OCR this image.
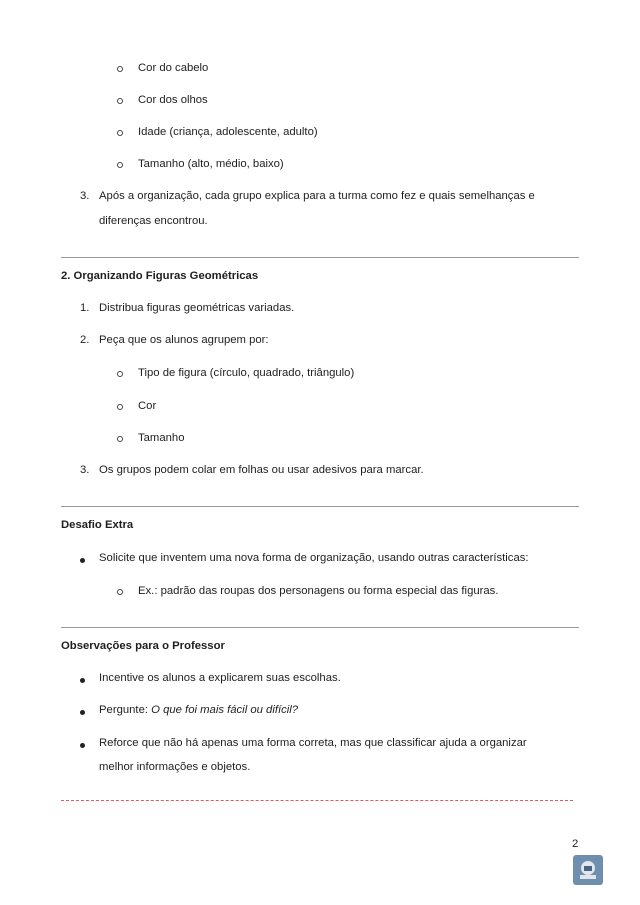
Cor do cabelo
Cor dos olhos
Idade (criança, adolescente, adulto)
Tamanho (alto, médio, baixo)
3. Após a organização, cada grupo explica para a turma como fez e quais semelhanças e
diferenças encontrou.
2. Organizando Figuras Geométricas
1. Distribua figuras geométricas variadas.
2. Peça que os alunos agrupem por:
Tipo de figura (círculo, quadrado, triângulo)
Cor
Tamanho
3. Os grupos podem colar em folhas ou usar adesivos para marcar.
Desafio Extra
Solicite que inventem uma nova forma de organização, usando outras características:
Ex.: padrão das roupas dos personagens ou forma especial das figuras.
Observações para o Professor
Incentive os alunos a explicarem suas escolhas.
Pergunte: O que foi mais fácil ou difícil?
Reforce que não há apenas uma forma correta, mas que classificar ajuda a organizar
melhor informações e objetos.
2
